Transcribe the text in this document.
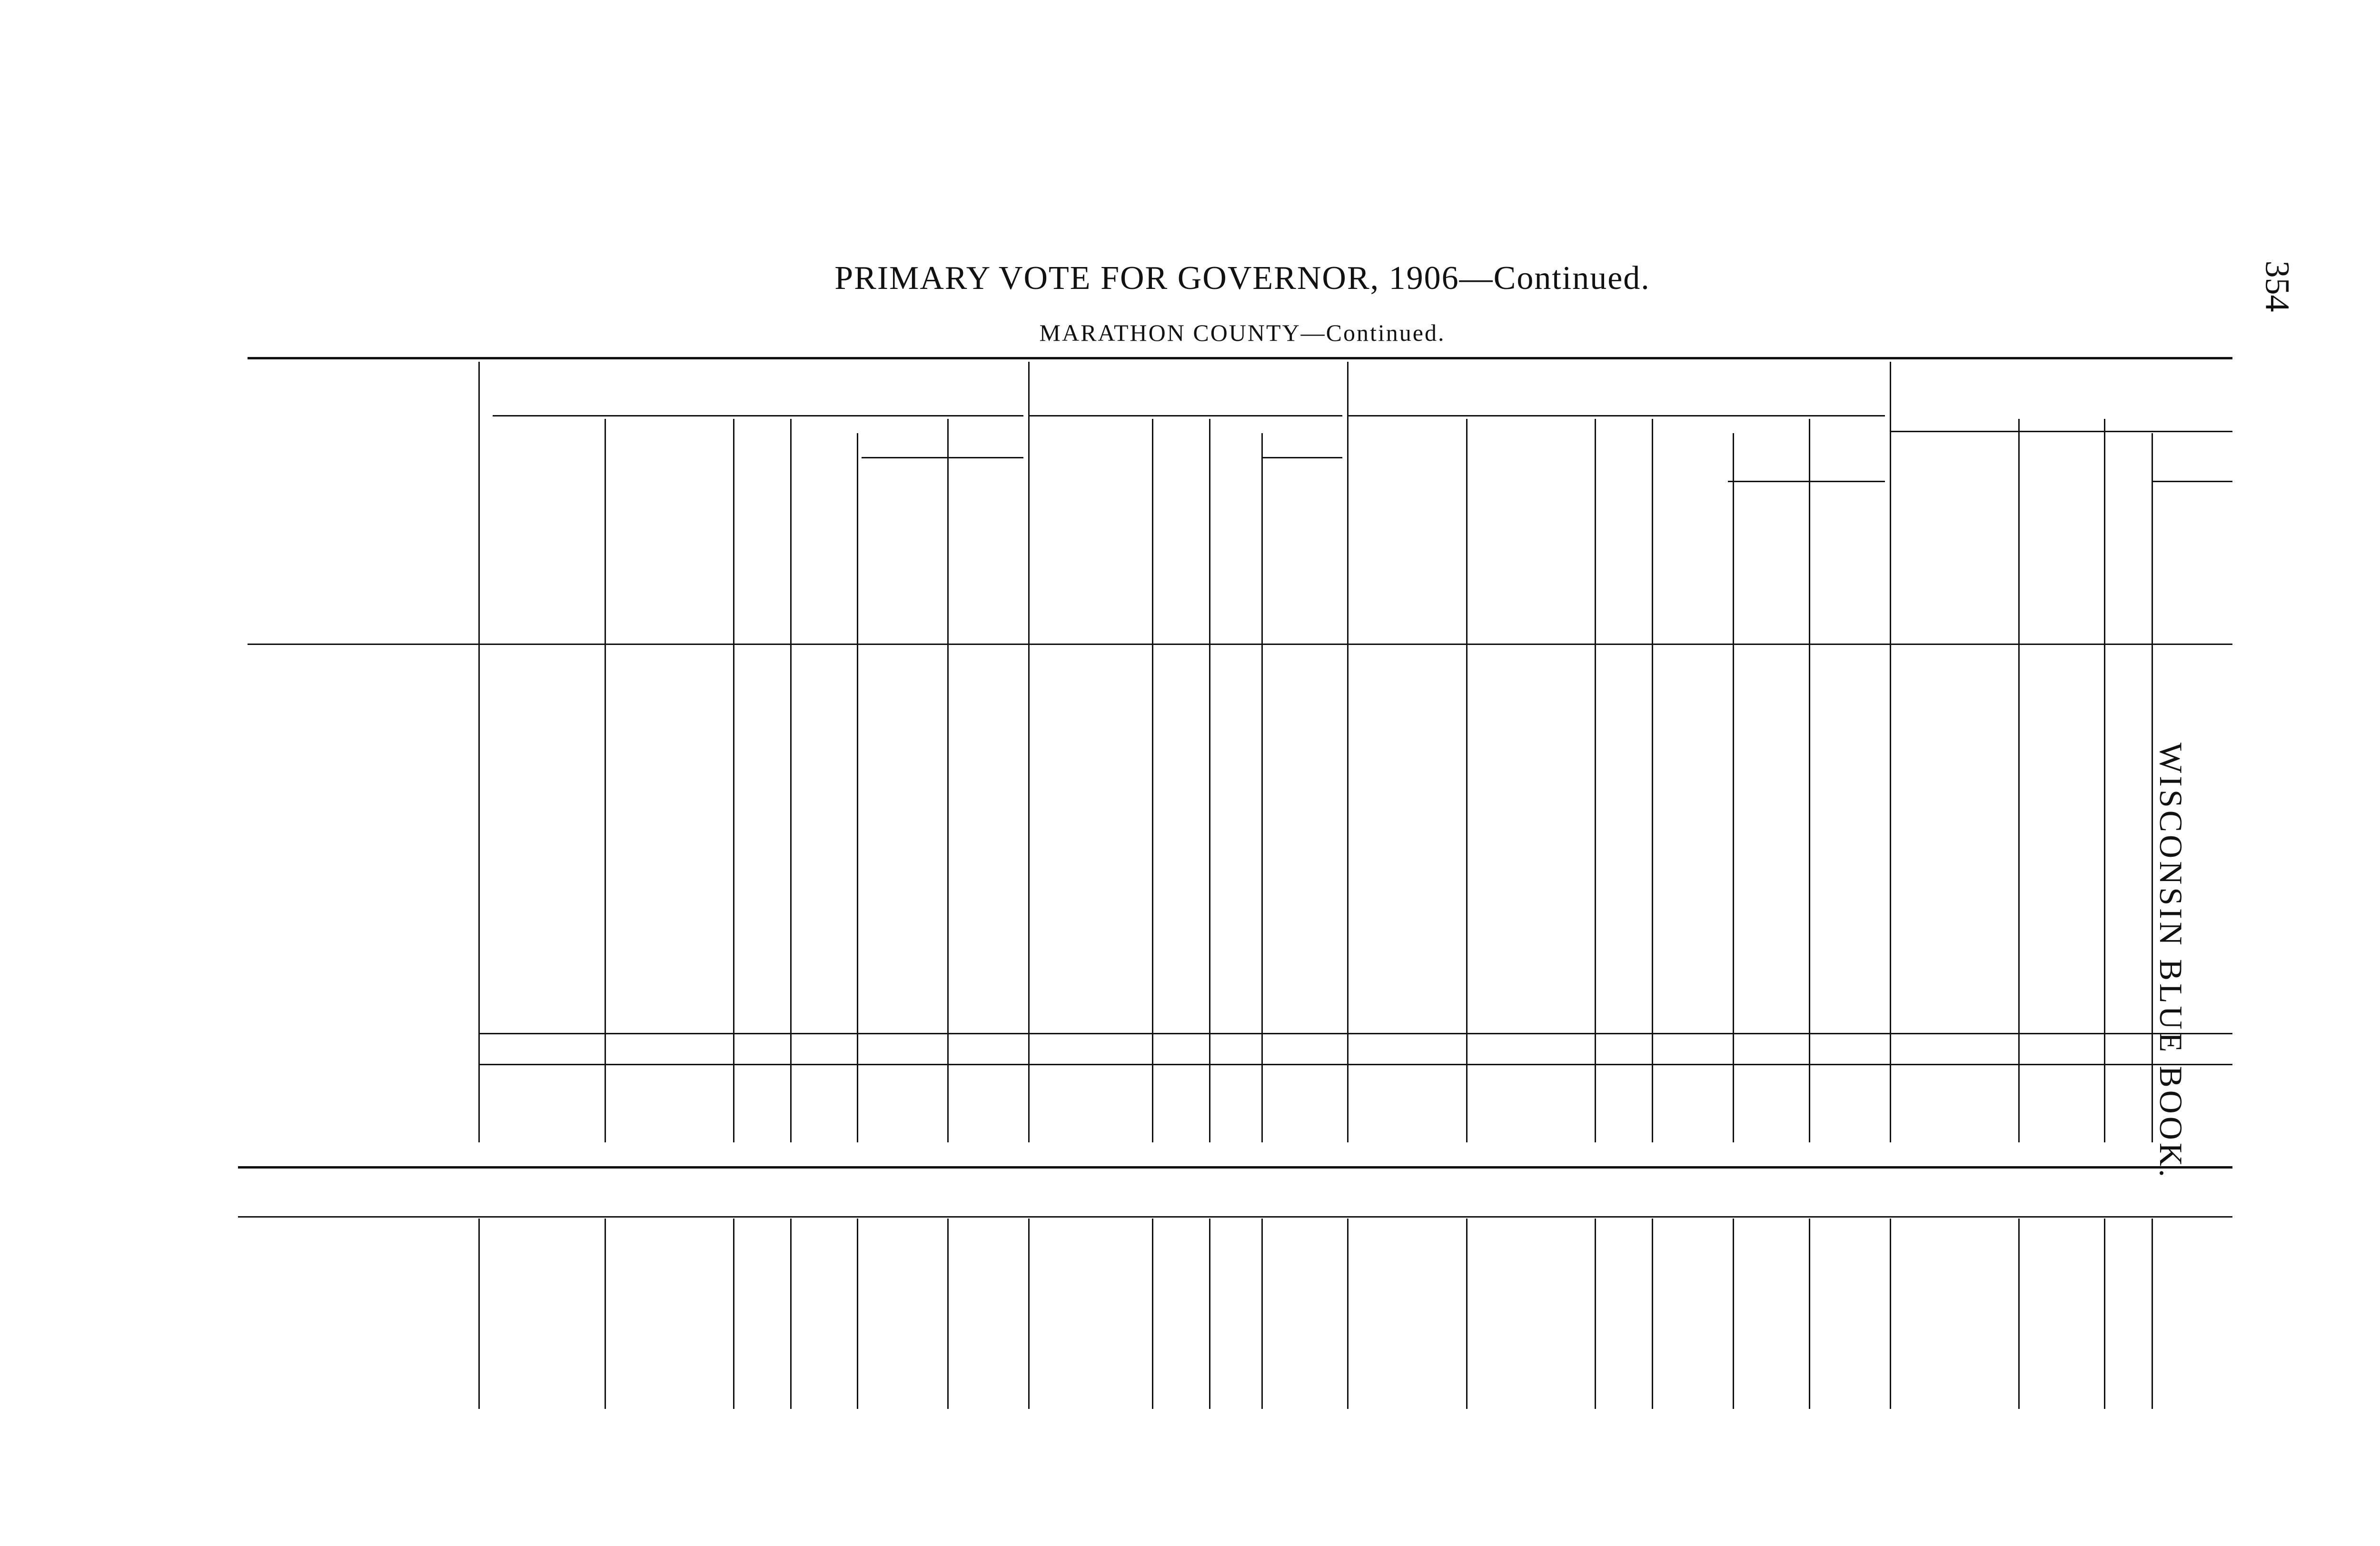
PRIMARY VOTE FOR GOVERNOR, 1906—Continued.
MARATHON COUNTY—Continued.
354
WISCONSIN BLUE BOOK.
